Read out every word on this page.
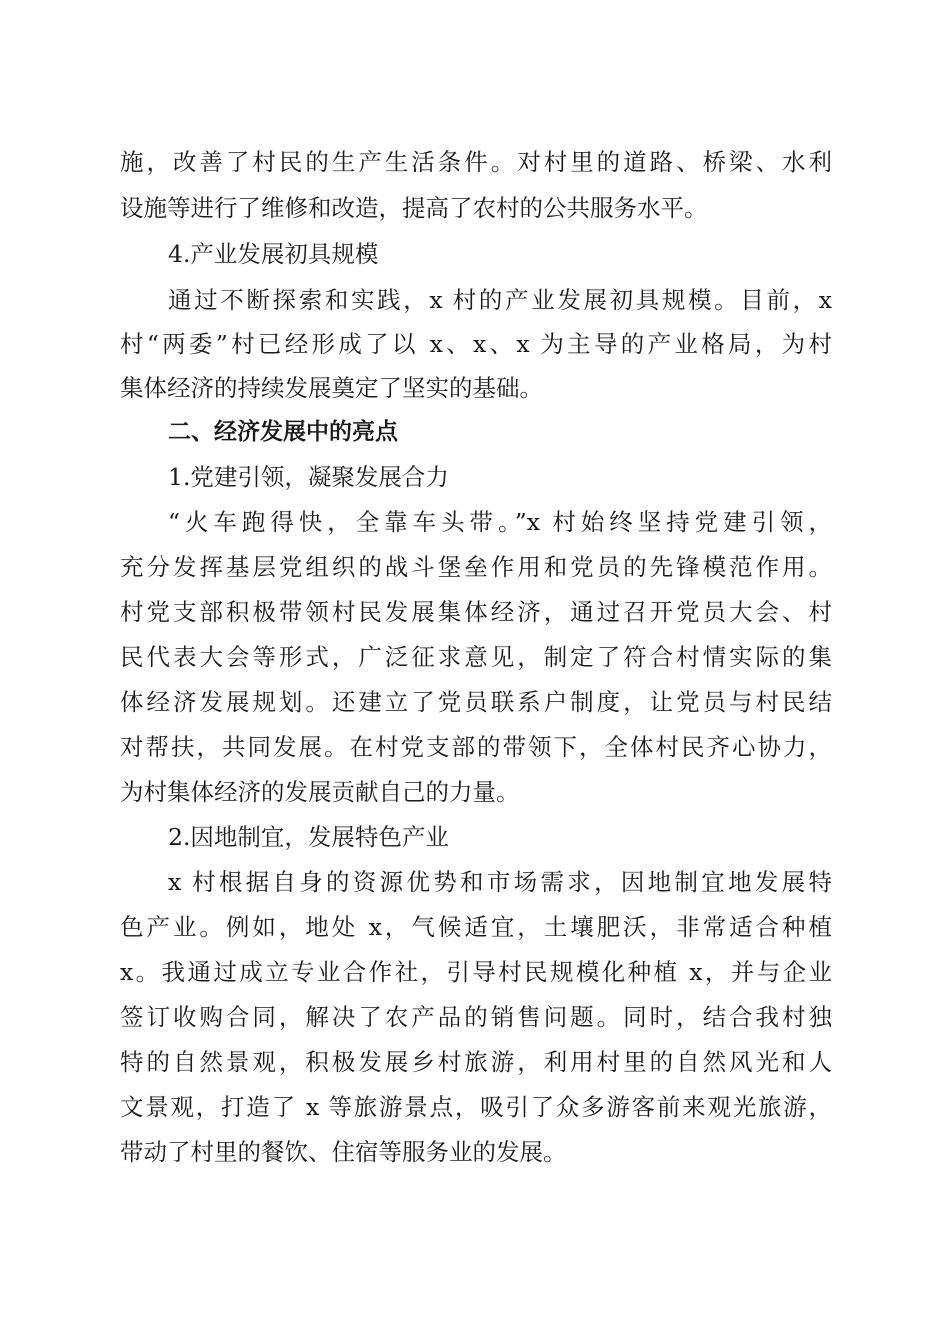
施，改善了村民的生产生活条件。对村里的道路、桥梁、水利
设施等进行了维修和改造，提高了农村的公共服务水平。
4.产业发展初具规模
通过不断探索和实践，x 村的产业发展初具规模。目前，x
村“两委”村已经形成了以 x、x、x 为主导的产业格局，为村
集体经济的持续发展奠定了坚实的基础。
二、经济发展中的亮点
1.党建引领，凝聚发展合力
“火车跑得快，全靠车头带。”x 村始终坚持党建引领，
充分发挥基层党组织的战斗堡垒作用和党员的先锋模范作用。
村党支部积极带领村民发展集体经济，通过召开党员大会、村
民代表大会等形式，广泛征求意见，制定了符合村情实际的集
体经济发展规划。还建立了党员联系户制度，让党员与村民结
对帮扶，共同发展。在村党支部的带领下，全体村民齐心协力，
为村集体经济的发展贡献自己的力量。
2.因地制宜，发展特色产业
x 村根据自身的资源优势和市场需求，因地制宜地发展特
色产业。例如，地处 x，气候适宜，土壤肥沃，非常适合种植
x。我通过成立专业合作社，引导村民规模化种植 x，并与企业
签订收购合同，解决了农产品的销售问题。同时，结合我村独
特的自然景观，积极发展乡村旅游，利用村里的自然风光和人
文景观，打造了 x 等旅游景点，吸引了众多游客前来观光旅游，
带动了村里的餐饮、住宿等服务业的发展。
